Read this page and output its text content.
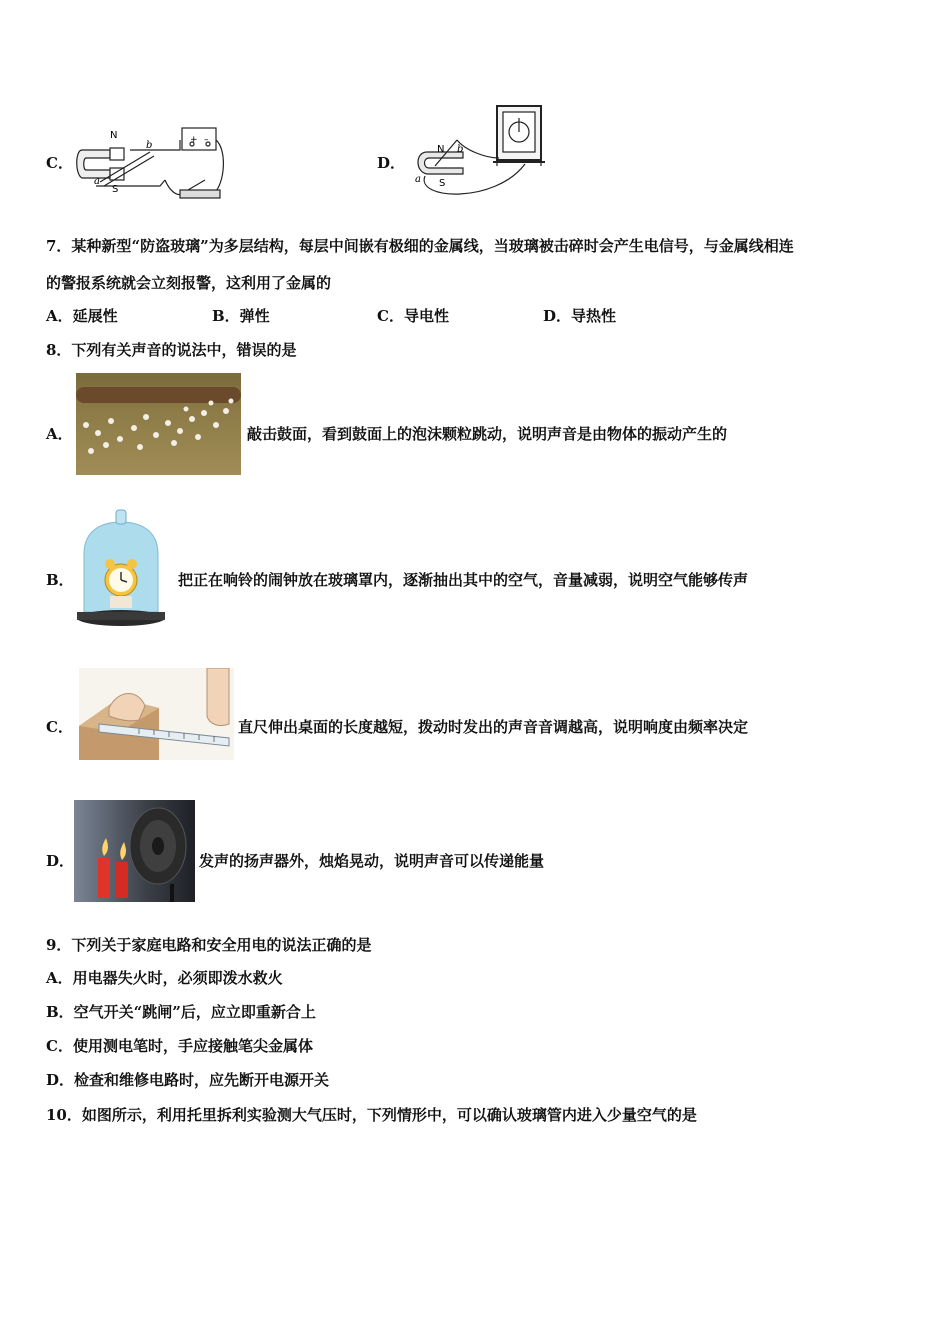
C．
N
S
a
b	+ –
D．
N
S
a
b
7．某种新型“防盗玻璃”为多层结构，每层中间嵌有极细的金属线，当玻璃被击碎时会产生电信号，与金属线相连
的警报系统就会立刻报警，这利用了金属的
A．延展性	B．弹性	C．导电性	D．导热性
8．下列有关声音的说法中，错误的是
A．	敲击鼓面，看到鼓面上的泡沫颗粒跳动，说明声音是由物体的振动产生的
B．	把正在响铃的闹钟放在玻璃罩内，逐渐抽出其中的空气，音量减弱，说明空气能够传声
C．	直尺伸出桌面的长度越短，拨动时发出的声音音调越高，说明响度由频率决定
D．	发声的扬声器外，烛焰晃动，说明声音可以传递能量
9．下列关于家庭电路和安全用电的说法正确的是
A．用电器失火时，必须即泼水救火
B．空气开关“跳闸”后，应立即重新合上
C．使用测电笔时，手应接触笔尖金属体
D．检查和维修电路时，应先断开电源开关
10．如图所示，利用托里拆利实验测大气压时，下列情形中，可以确认玻璃管内进入少量空气的是
